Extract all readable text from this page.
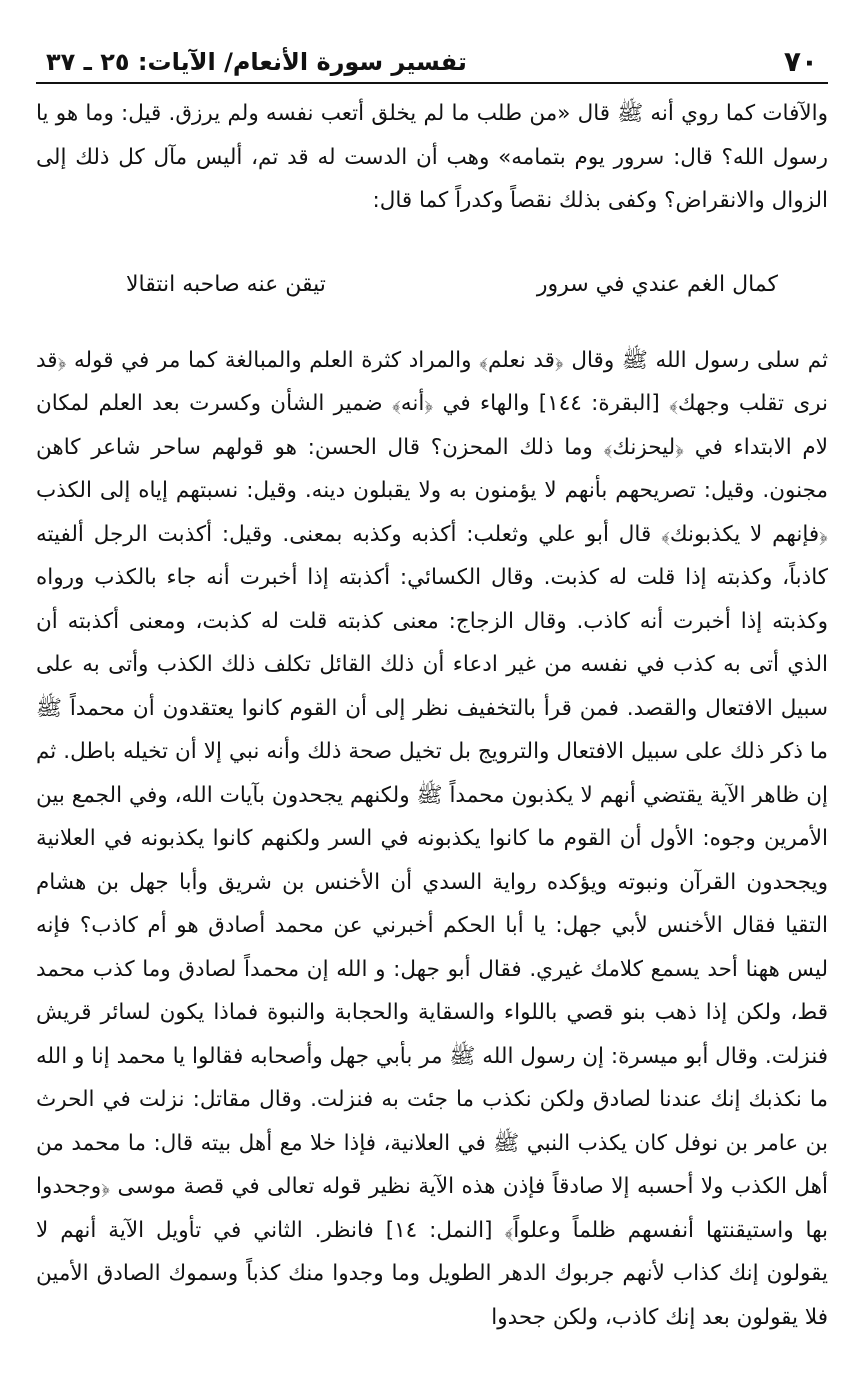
٧٠
تفسير سورة الأنعام/ الآيات: ٢٥ ـ ٣٧

والآفات كما روي أنه ﷺ قال «من طلب ما لم يخلق أتعب نفسه ولم يرزق. قيل: وما هو يا رسول الله؟ قال: سرور يوم بتمامه» وهب أن الدست له قد تم، أليس مآل كل ذلك إلى الزوال والانقراض؟ وكفى بذلك نقصاً وكدراً كما قال:

كمال الغم عندي في سرور
تيقن عنه صاحبه انتقالا

ثم سلى رسول الله ﷺ وقال ﴿قد نعلم﴾ والمراد كثرة العلم والمبالغة كما مر في قوله ﴿قد نرى تقلب وجهك﴾ [البقرة: ١٤٤] والهاء في ﴿أنه﴾ ضمير الشأن وكسرت بعد العلم لمكان لام الابتداء في ﴿ليحزنك﴾ وما ذلك المحزن؟ قال الحسن: هو قولهم ساحر شاعر كاهن مجنون. وقيل: تصريحهم بأنهم لا يؤمنون به ولا يقبلون دينه. وقيل: نسبتهم إياه إلى الكذب ﴿فإنهم لا يكذبونك﴾ قال أبو علي وثعلب: أكذبه وكذبه بمعنى. وقيل: أكذبت الرجل ألفيته كاذباً، وكذبته إذا قلت له كذبت. وقال الكسائي: أكذبته إذا أخبرت أنه جاء بالكذب ورواه وكذبته إذا أخبرت أنه كاذب. وقال الزجاج: معنى كذبته قلت له كذبت، ومعنى أكذبته أن الذي أتى به كذب في نفسه من غير ادعاء أن ذلك القائل تكلف ذلك الكذب وأتى به على سبيل الافتعال والقصد. فمن قرأ بالتخفيف نظر إلى أن القوم كانوا يعتقدون أن محمداً ﷺ ما ذكر ذلك على سبيل الافتعال والترويج بل تخيل صحة ذلك وأنه نبي إلا أن تخيله باطل. ثم إن ظاهر الآية يقتضي أنهم لا يكذبون محمداً ﷺ ولكنهم يجحدون بآيات الله، وفي الجمع بين الأمرين وجوه: الأول أن القوم ما كانوا يكذبونه في السر ولكنهم كانوا يكذبونه في العلانية ويجحدون القرآن ونبوته ويؤكده رواية السدي أن الأخنس بن شريق وأبا جهل بن هشام التقيا فقال الأخنس لأبي جهل: يا أبا الحكم أخبرني عن محمد أصادق هو أم كاذب؟ فإنه ليس ههنا أحد يسمع كلامك غيري. فقال أبو جهل: و الله إن محمداً لصادق وما كذب محمد قط، ولكن إذا ذهب بنو قصي باللواء والسقاية والحجابة والنبوة فماذا يكون لسائر قريش فنزلت. وقال أبو ميسرة: إن رسول الله ﷺ مر بأبي جهل وأصحابه فقالوا يا محمد إنا و الله ما نكذبك إنك عندنا لصادق ولكن نكذب ما جئت به فنزلت. وقال مقاتل: نزلت في الحرث بن عامر بن نوفل كان يكذب النبي ﷺ في العلانية، فإذا خلا مع أهل بيته قال: ما محمد من أهل الكذب ولا أحسبه إلا صادقاً فإذن هذه الآية نظير قوله تعالى في قصة موسى ﴿وجحدوا بها واستيقنتها أنفسهم ظلماً وعلواً﴾ [النمل: ١٤] فانظر. الثاني في تأويل الآية أنهم لا يقولون إنك كذاب لأنهم جربوك الدهر الطويل وما وجدوا منك كذباً وسموك الصادق الأمين فلا يقولون بعد إنك كاذب، ولكن جحدوا
